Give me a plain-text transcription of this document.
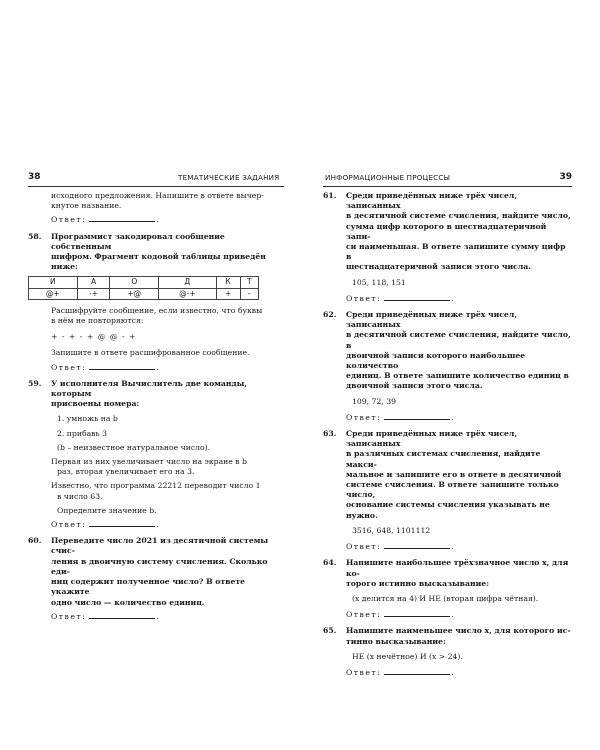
38	ТЕМАТИЧЕСКИЕ ЗАДАНИЯ
исходного предложения. Напишите в ответе вычер-
кнутое название.
Ответ:	.
58. Программист закодировал сообщение собственным
шифром. Фрагмент кодовой таблицы приведён
ниже:
И	А	О	Д	К	Т
@+	-+	+@	@-+	+	-
Расшифруйте сообщение, если известно, что буквы
в нём не повторяются:
+ - + - + @ @ - +
Запишите в ответе расшифрованное сообщение.
Ответ:	.
59. У исполнителя Вычислитель две команды, которым
присвоены номера:
1. умножь на b
2. прибавь 3
(b – неизвестное натуральное число).
Первая из них увеличивает число на экране в b
раз, вторая увеличивает его на 3.
Известно, что программа 22212 переводит число 1
в число 63.
Определите значение b.
Ответ:	.
60. Переведите число 2021 из десятичной системы счис-
ления в двоичную систему счисления. Сколько еди-
ниц содержит полученное число? В ответе укажите
одно число — количество единиц.
Ответ:	.
ИНФОРМАЦИОННЫЕ ПРОЦЕССЫ	39
61. Среди приведённых ниже трёх чисел, записанных
в десятичной системе счисления, найдите число,
сумма цифр которого в шестнадцатеричной запи-
си наименьшая. В ответе запишите сумму цифр в
шестнадцатеричной записи этого числа.
105, 118, 151
Ответ:	.
62. Среди приведённых ниже трёх чисел, записанных
в десятичной системе счисления, найдите число, в
двоичной записи которого наибольшее количество
единиц. В ответе запишите количество единиц в
двоичной записи этого числа.
109, 72, 39
Ответ:	.
63. Среди приведённых ниже трёх чисел, записанных
в различных системах счисления, найдите макси-
мальное и запишите его в ответе в десятичной
системе счисления. В ответе запишите только число,
основание системы счисления указывать не нужно.
3516, 648, 1101112
Ответ:	.
64. Напишите наибольшее трёхзначное число x, для ко-
торого истинно высказывание:
(x делится на 4) И НЕ (вторая цифра чётная).
Ответ:	.
65. Напишите наименьшее число x, для которого ис-
тинно высказывание:
НЕ (x нечётное) И (x > 24).
Ответ:	.
